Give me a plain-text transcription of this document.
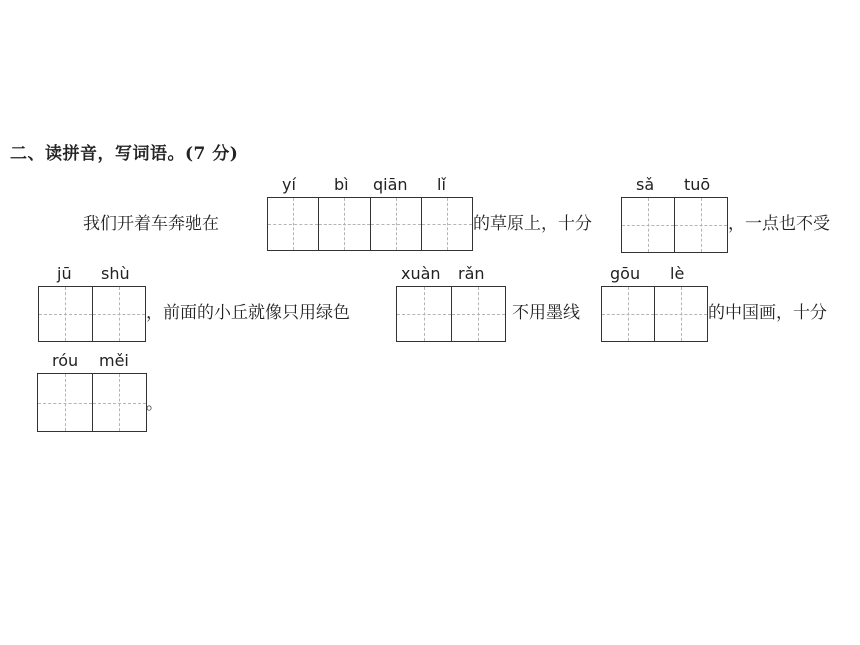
二、读拼音，写词语。(7 分)
我们开着车奔驰在
yí bì qiān lǐ
的草原上，十分
sǎ tuō
，一点也不受
jū shù
，前面的小丘就像只用绿色
xuàn rǎn
不用墨线
gōu lè
的中国画，十分
róu měi
。
